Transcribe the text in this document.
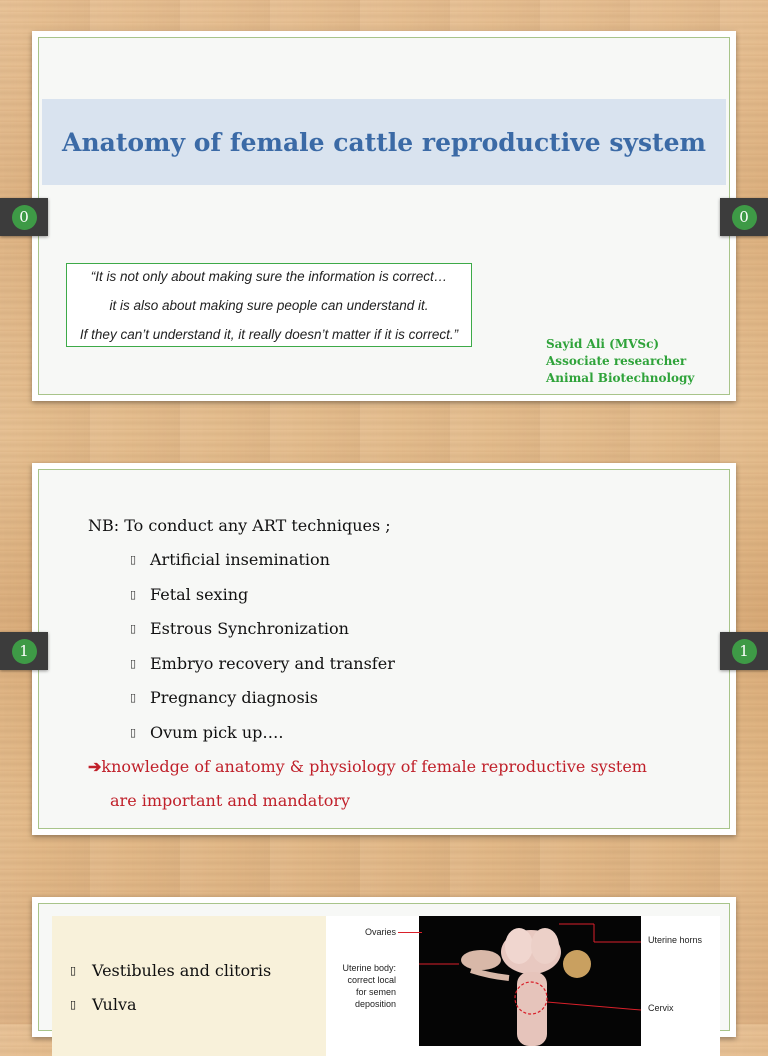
Anatomy of female cattle reproductive system
“It is not only about making sure the information is correct…
it is also about making sure people can understand it.
If they can’t understand it, it really doesn’t matter if it is correct.”
Sayid Ali (MVSc)
Associate researcher
Animal Biotechnology
0	0
NB: To conduct any ART techniques ;
▯ Artificial insemination
▯ Fetal sexing
▯ Estrous Synchronization
▯ Embryo recovery and transfer
▯ Pregnancy diagnosis
▯ Ovum pick up….
➔knowledge of anatomy & physiology of female reproductive system
are important and mandatory
1	1
▯ Vestibules and clitoris
▯ Vulva
Ovaries
Uterine body:
correct local
for semen
deposition
Uterine horns
Cervix
